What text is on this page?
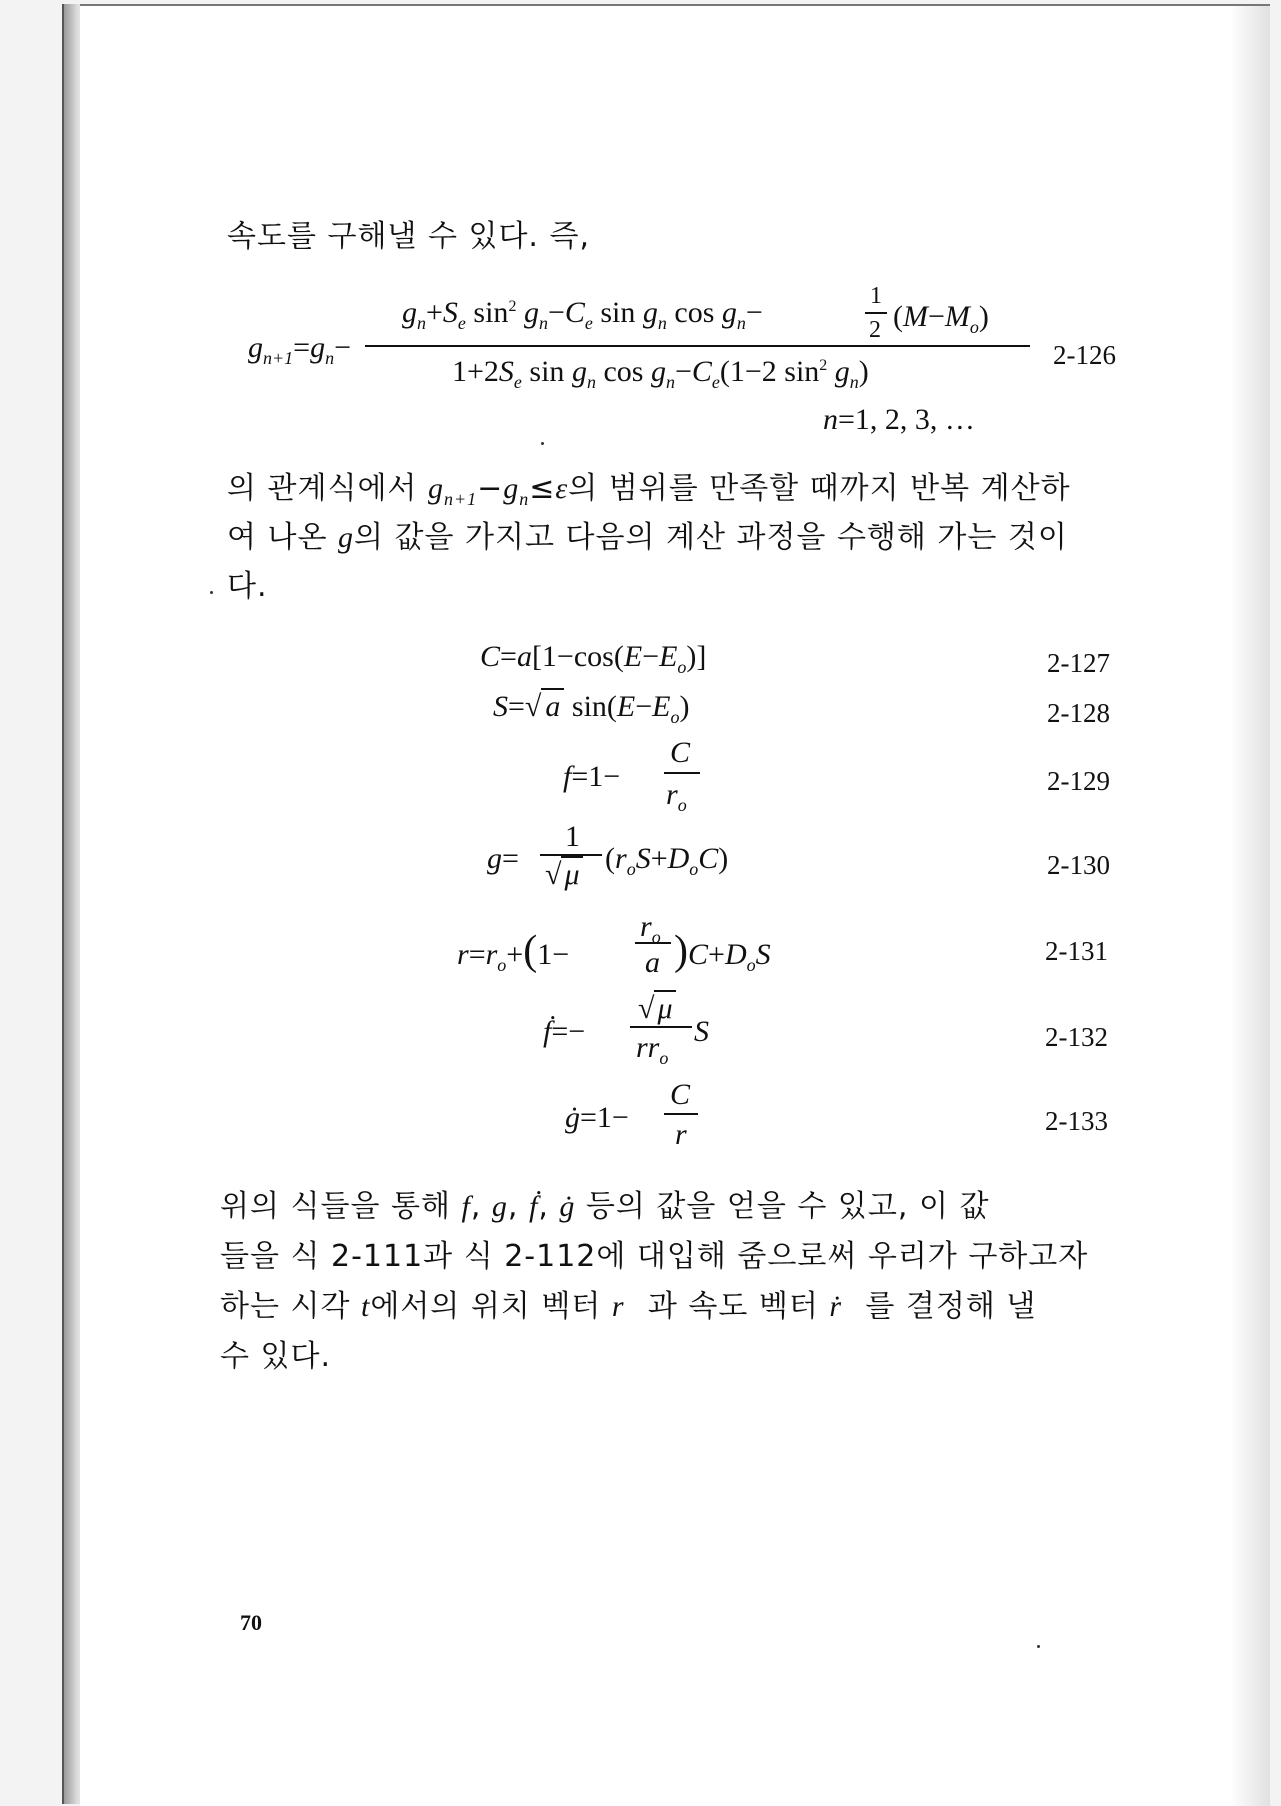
속도를 구해낼 수 있다. 즉,
$g_{n+1}=g_n-$
$g_n+S_e$ $\sin^2 g_n-C_e$ $\sin g_n$ $\cos g_n-$	1
2 $(M-M_o)$
$1+2S_e$ $\sin g_n$ $\cos g_n-C_e(1-2$ $\sin^2 g_n$)	2-126
n=1, 2, 3, …
의 관계식에서 $g_{n+1}-g_n\le\varepsilon$의 범위를 만족할 때까지 반복 계산하
여 나온 g의 값을 가지고 다음의 계산 과정을 수행해 가는 것이
다.
$C=a[1-\cos(E-E_o)]$	2-127
S=√ a $\sin(E-E_o)$	2-128
f=1−
C
$r_o$
2-129
g=
1
√ μ $(r_oS+D_oC)$	2-130
$r=r_o+(1-$
$r_o$
a )$C+D_oS$	2-131
ḟ=−
√ μ
$rr_o$
S	2-132
ġ=1−
C
r	2-133
위의 식들을 통해 f, g, ḟ, ġ 등의 값을 얻을 수 있고, 이 값
들을 식 2-111과 식 2-112에 대입해 줌으로써 우리가 구하고자
하는 시각 t에서의 위치 벡터 r⃗과 속도 벡터 ṙ⃗를 결정해 낼
수 있다.
70
